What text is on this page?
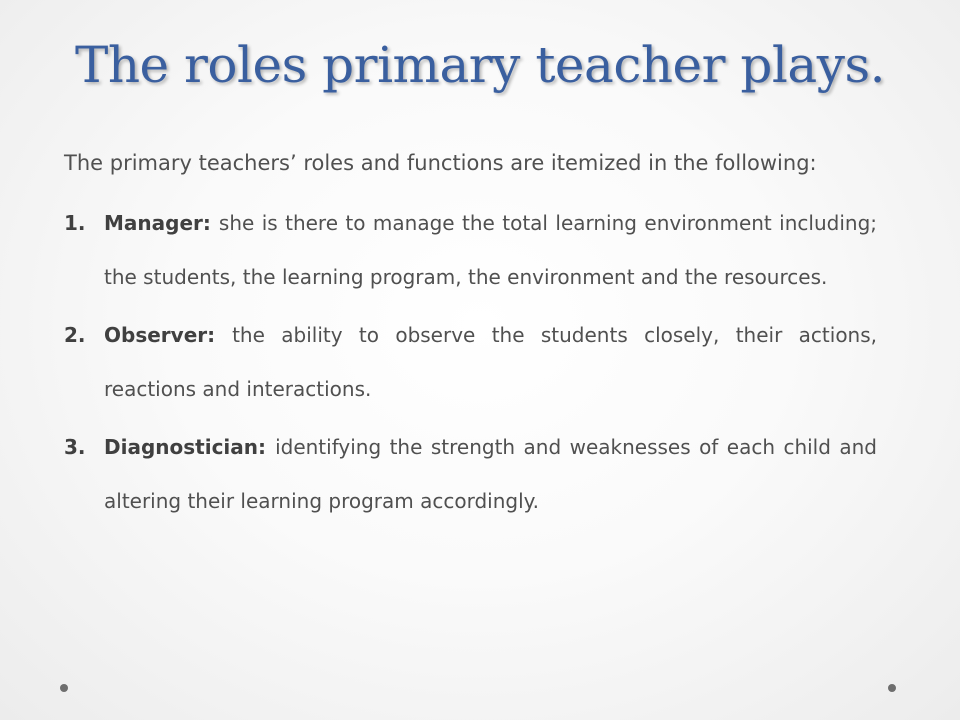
The roles primary teacher plays.

The primary teachers’ roles and functions are itemized in the following:

1. Manager: she is there to manage the total learning environment including; the students, the learning program, the environment and the resources.
2. Observer: the ability to observe the students closely, their actions, reactions and interactions.
3. Diagnostician: identifying the strength and weaknesses of each child and altering their learning program accordingly.
